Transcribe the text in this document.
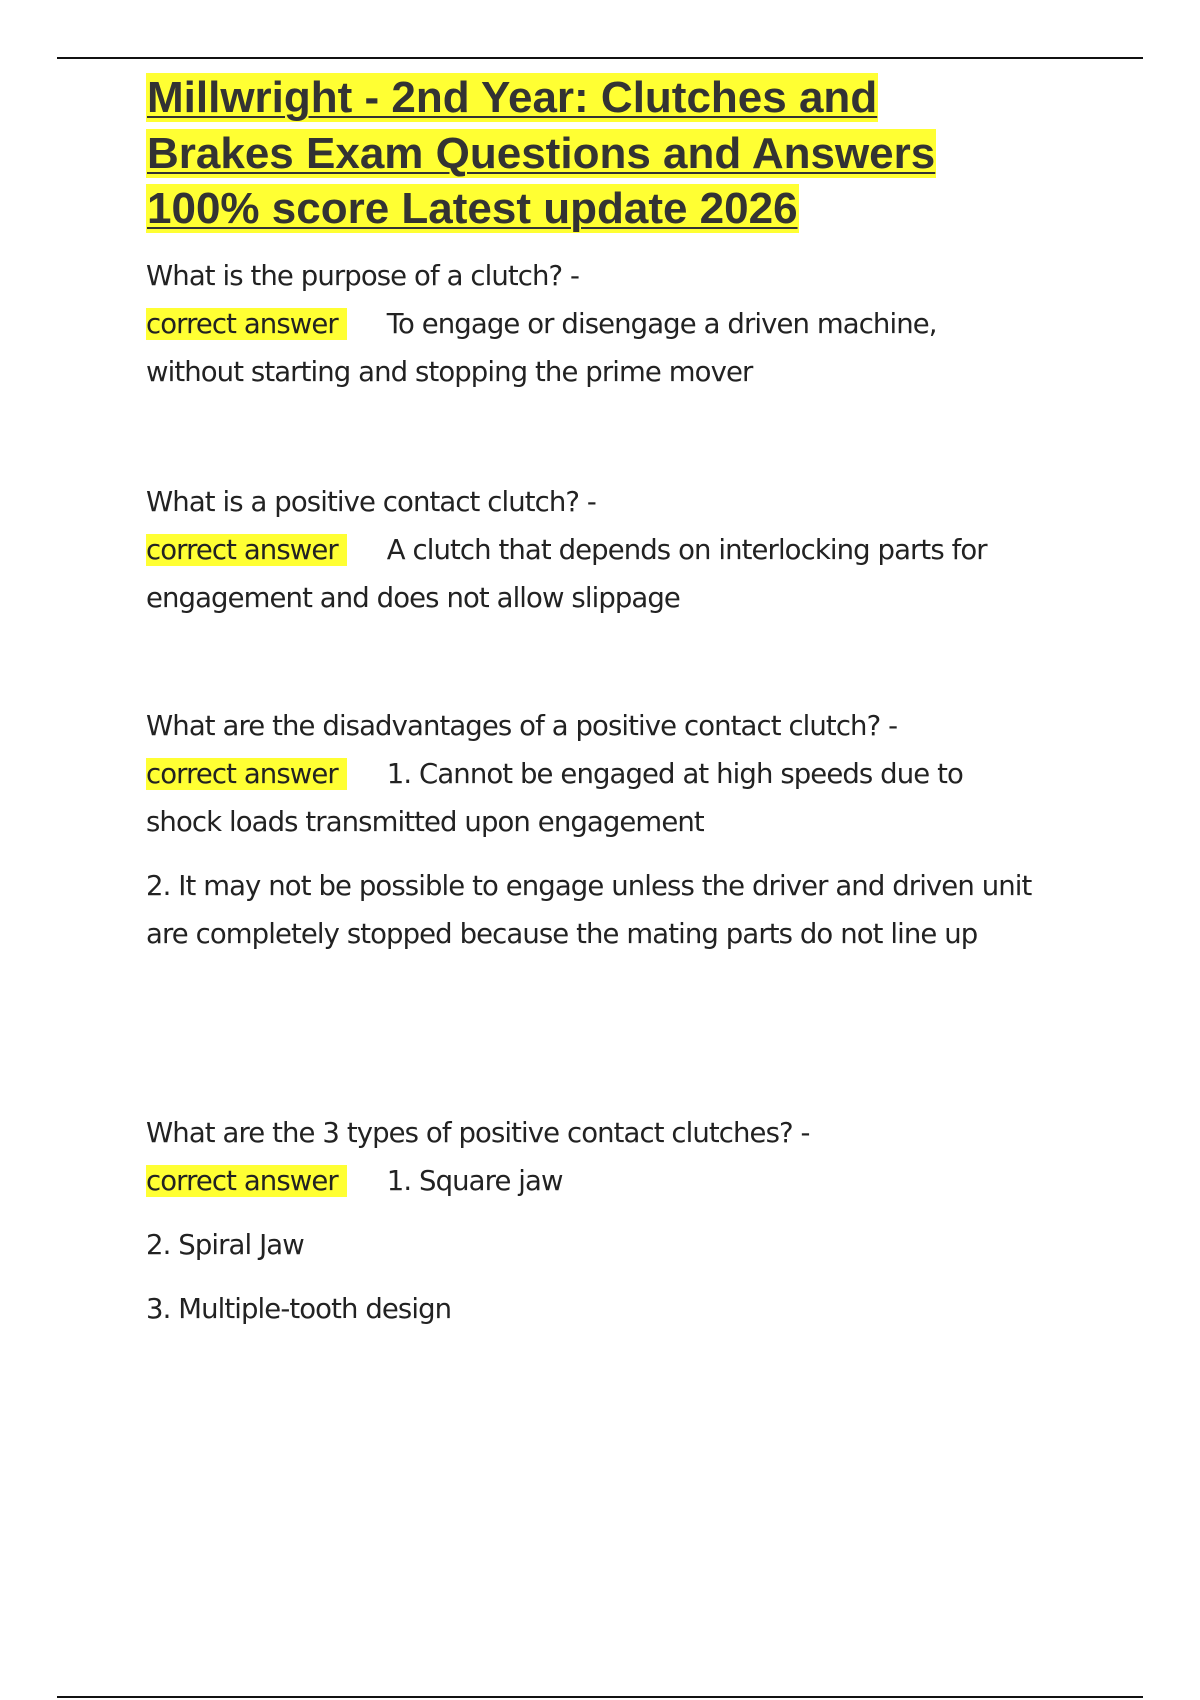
Millwright - 2nd Year: Clutches and
Brakes Exam Questions and Answers
100% score Latest update 2026
What is the purpose of a clutch? -
correct answer To engage or disengage a driven machine,
without starting and stopping the prime mover
What is a positive contact clutch? -
correct answer A clutch that depends on interlocking parts for
engagement and does not allow slippage
What are the disadvantages of a positive contact clutch? -
correct answer 1. Cannot be engaged at high speeds due to
shock loads transmitted upon engagement
2. It may not be possible to engage unless the driver and driven unit
are completely stopped because the mating parts do not line up
What are the 3 types of positive contact clutches? -
correct answer 1. Square jaw
2. Spiral Jaw
3. Multiple-tooth design
